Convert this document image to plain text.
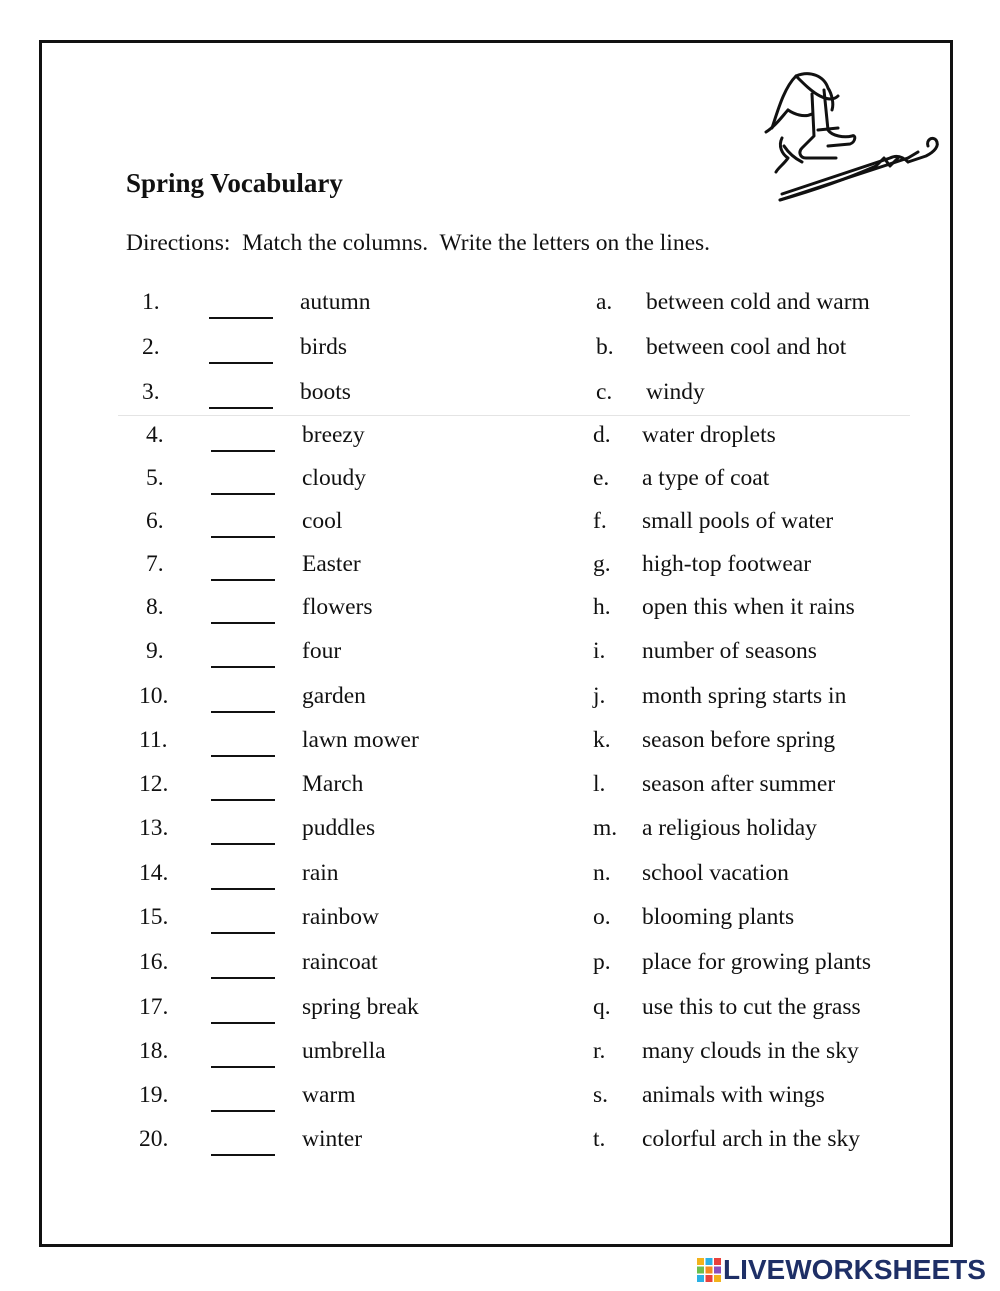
Spring Vocabulary
Directions:  Match the columns.  Write the letters on the lines.
1.	autumn	a. between cold and warm
2.	birds	b. between cool and hot
3.	boots	c. windy
4.	breezy	d. water droplets
5.	cloudy	e. a type of coat
6.	cool	f. small pools of water
7.	Easter	g. high-top footwear
8.	flowers	h. open this when it rains
9.	four	i. number of seasons
10.	garden	j. month spring starts in
11.	lawn mower	k. season before spring
12.	March	l. season after summer
13.	puddles	m. a religious holiday
14.	rain	n. school vacation
15.	rainbow	o. blooming plants
16.	raincoat	p. place for growing plants
17.	spring break	q. use this to cut the grass
18.	umbrella	r. many clouds in the sky
19.	warm	s. animals with wings
20.	winter	t. colorful arch in the sky
LIVEWORKSHEETS
